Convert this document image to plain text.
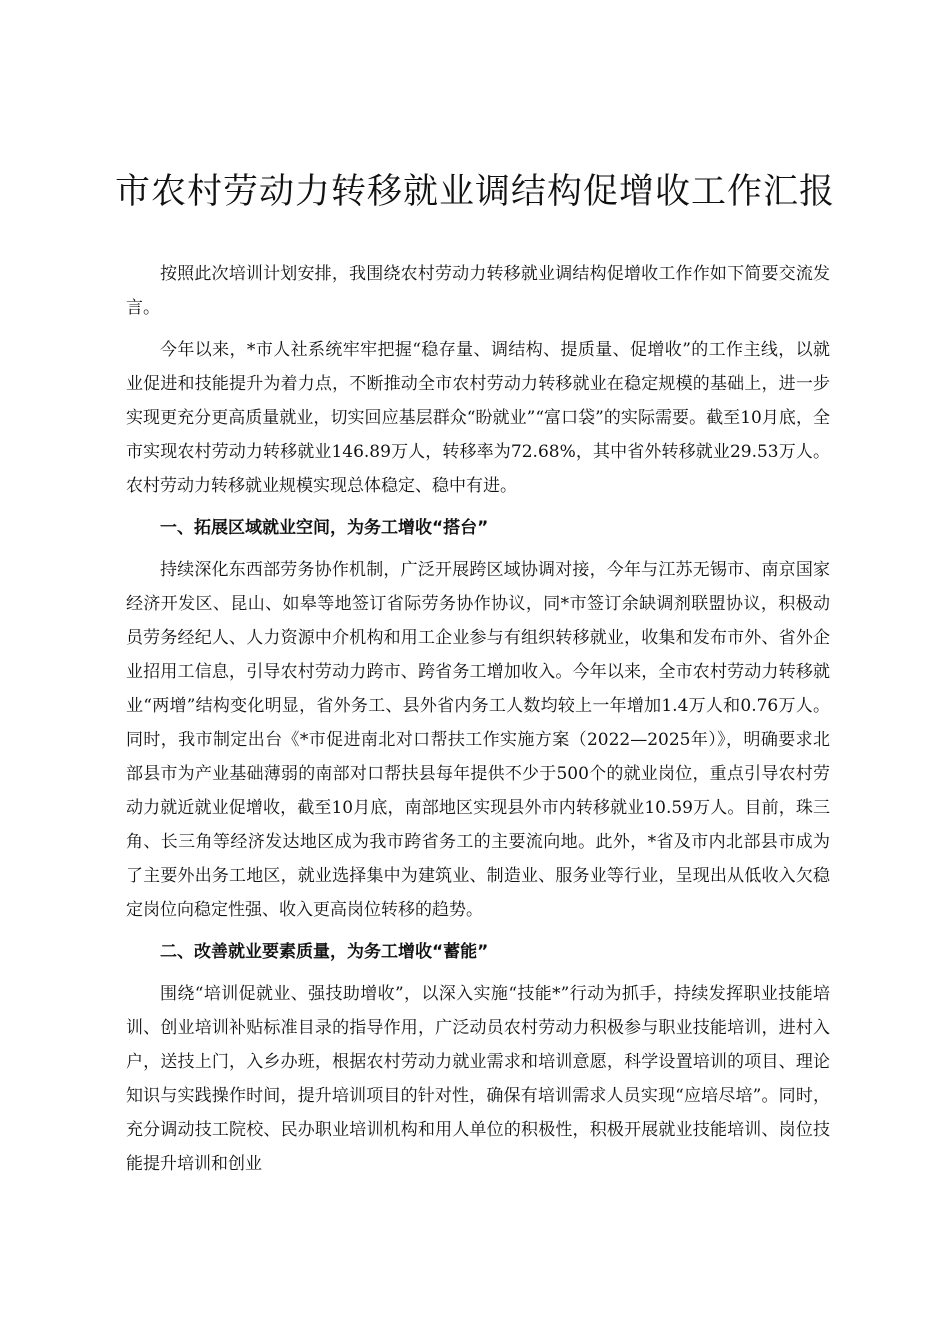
市农村劳动力转移就业调结构促增收工作汇报

按照此次培训计划安排，我围绕农村劳动力转移就业调结构促增收工作作如下简要交流发言。

今年以来，*市人社系统牢牢把握“稳存量、调结构、提质量、促增收”的工作主线，以就业促进和技能提升为着力点，不断推动全市农村劳动力转移就业在稳定规模的基础上，进一步实现更充分更高质量就业，切实回应基层群众“盼就业”“富口袋”的实际需要。截至10月底，全市实现农村劳动力转移就业146.89万人，转移率为72.68%，其中省外转移就业29.53万人。农村劳动力转移就业规模实现总体稳定、稳中有进。

一、拓展区域就业空间，为务工增收“搭台”

持续深化东西部劳务协作机制，广泛开展跨区域协调对接，今年与江苏无锡市、南京国家经济开发区、昆山、如皋等地签订省际劳务协作协议，同*市签订余缺调剂联盟协议，积极动员劳务经纪人、人力资源中介机构和用工企业参与有组织转移就业，收集和发布市外、省外企业招用工信息，引导农村劳动力跨市、跨省务工增加收入。今年以来，全市农村劳动力转移就业“两增”结构变化明显，省外务工、县外省内务工人数均较上一年增加1.4万人和0.76万人。同时，我市制定出台《*市促进南北对口帮扶工作实施方案（2022—2025年）》，明确要求北部县市为产业基础薄弱的南部对口帮扶县每年提供不少于500个的就业岗位，重点引导农村劳动力就近就业促增收，截至10月底，南部地区实现县外市内转移就业10.59万人。目前，珠三角、长三角等经济发达地区成为我市跨省务工的主要流向地。此外，*省及市内北部县市成为了主要外出务工地区，就业选择集中为建筑业、制造业、服务业等行业，呈现出从低收入欠稳定岗位向稳定性强、收入更高岗位转移的趋势。

二、改善就业要素质量，为务工增收“蓄能”

围绕“培训促就业、强技助增收”，以深入实施“技能*”行动为抓手，持续发挥职业技能培训、创业培训补贴标准目录的指导作用，广泛动员农村劳动力积极参与职业技能培训，进村入户，送技上门，入乡办班，根据农村劳动力就业需求和培训意愿，科学设置培训的项目、理论知识与实践操作时间，提升培训项目的针对性，确保有培训需求人员实现“应培尽培”。同时，充分调动技工院校、民办职业培训机构和用人单位的积极性，积极开展就业技能培训、岗位技能提升培训和创业
